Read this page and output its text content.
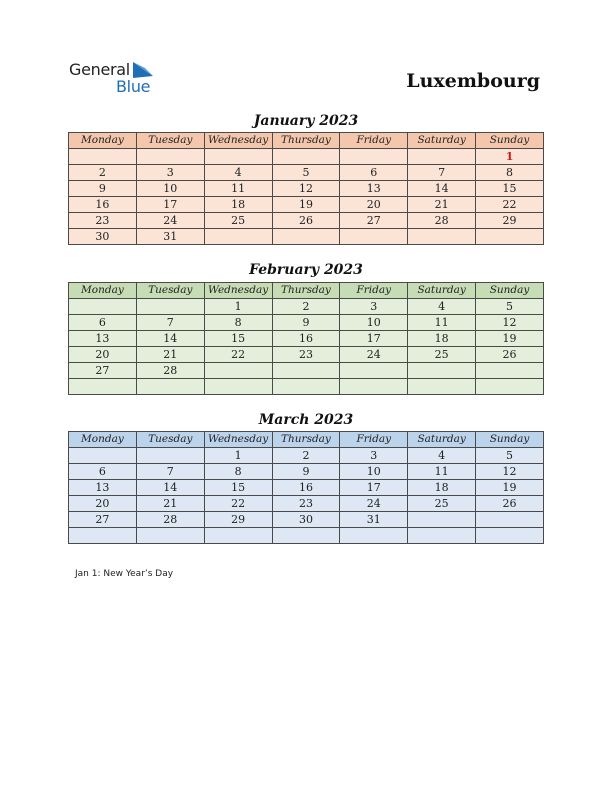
General
Blue	Luxembourg
January 2023
Monday	Tuesday	Wednesday	Thursday	Friday	Saturday	Sunday
						1
2	3	4	5	6	7	8
9	10	11	12	13	14	15
16	17	18	19	20	21	22
23	24	25	26	27	28	29
30	31					
February 2023
Monday	Tuesday	Wednesday	Thursday	Friday	Saturday	Sunday
		1	2	3	4	5
6	7	8	9	10	11	12
13	14	15	16	17	18	19
20	21	22	23	24	25	26
27	28					

March 2023
Monday	Tuesday	Wednesday	Thursday	Friday	Saturday	Sunday
		1	2	3	4	5
6	7	8	9	10	11	12
13	14	15	16	17	18	19
20	21	22	23	24	25	26
27	28	29	30	31		

Jan 1: New Year’s Day
